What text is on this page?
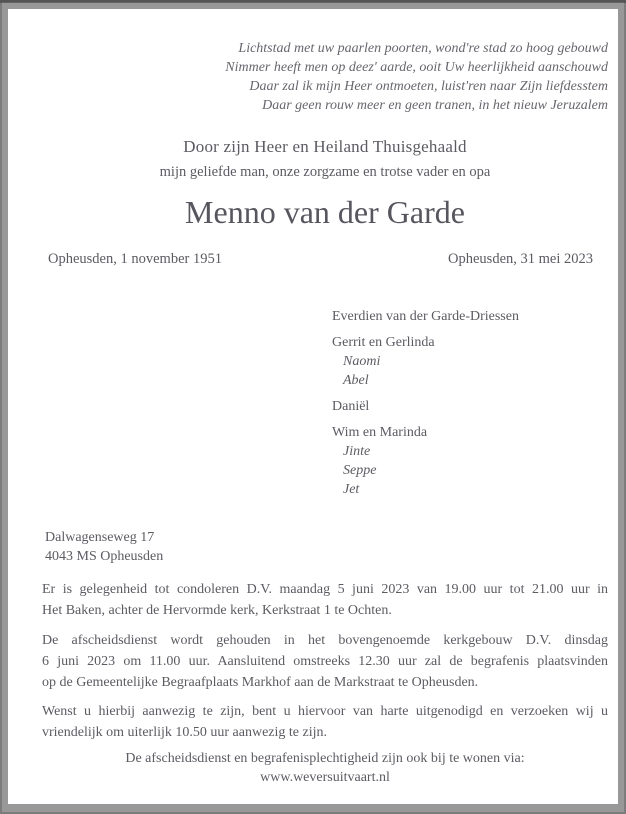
Lichtstad met uw paarlen poorten, wond're stad zo hoog gebouwd
Nimmer heeft men op deez' aarde, ooit Uw heerlijkheid aanschouwd
Daar zal ik mijn Heer ontmoeten, luist'ren naar Zijn liefdesstem
Daar geen rouw meer en geen tranen, in het nieuw Jeruzalem
Door zijn Heer en Heiland Thuisgehaald
mijn geliefde man, onze zorgzame en trotse vader en opa
Menno van der Garde
Opheusden, 1 november 1951	Opheusden, 31 mei 2023
Everdien van der Garde-Driessen
Gerrit en Gerlinda
Naomi
Abel
Daniël
Wim en Marinda
Jinte
Seppe
Jet
Dalwagenseweg 17
4043 MS Opheusden
Er is gelegenheid tot condoleren D.V. maandag 5 juni 2023 van 19.00 uur tot 21.00 uur in
Het Baken, achter de Hervormde kerk, Kerkstraat 1 te Ochten.
De afscheidsdienst wordt gehouden in het bovengenoemde kerkgebouw D.V. dinsdag
6 juni 2023 om 11.00 uur. Aansluitend omstreeks 12.30 uur zal de begrafenis plaatsvinden
op de Gemeentelijke Begraafplaats Markhof aan de Markstraat te Opheusden.
Wenst u hierbij aanwezig te zijn, bent u hiervoor van harte uitgenodigd en verzoeken wij u
vriendelijk om uiterlijk 10.50 uur aanwezig te zijn.
De afscheidsdienst en begrafenisplechtigheid zijn ook bij te wonen via:
www.weversuitvaart.nl
